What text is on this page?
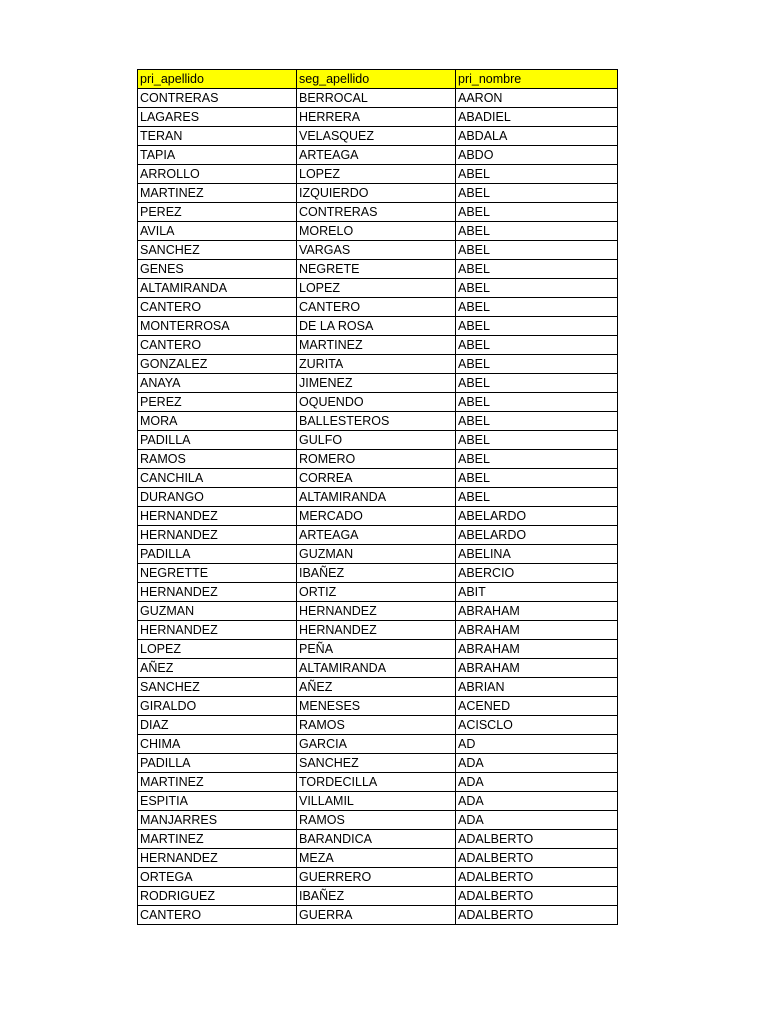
pri_apellido	seg_apellido	pri_nombre
CONTRERAS	BERROCAL	AARON
LAGARES	HERRERA	ABADIEL
TERAN	VELASQUEZ	ABDALA
TAPIA	ARTEAGA	ABDO
ARROLLO	LOPEZ	ABEL
MARTINEZ	IZQUIERDO	ABEL
PEREZ	CONTRERAS	ABEL
AVILA	MORELO	ABEL
SANCHEZ	VARGAS	ABEL
GENES	NEGRETE	ABEL
ALTAMIRANDA	LOPEZ	ABEL
CANTERO	CANTERO	ABEL
MONTERROSA	DE LA ROSA	ABEL
CANTERO	MARTINEZ	ABEL
GONZALEZ	ZURITA	ABEL
ANAYA	JIMENEZ	ABEL
PEREZ	OQUENDO	ABEL
MORA	BALLESTEROS	ABEL
PADILLA	GULFO	ABEL
RAMOS	ROMERO	ABEL
CANCHILA	CORREA	ABEL
DURANGO	ALTAMIRANDA	ABEL
HERNANDEZ	MERCADO	ABELARDO
HERNANDEZ	ARTEAGA	ABELARDO
PADILLA	GUZMAN	ABELINA
NEGRETTE	IBAÑEZ	ABERCIO
HERNANDEZ	ORTIZ	ABIT
GUZMAN	HERNANDEZ	ABRAHAM
HERNANDEZ	HERNANDEZ	ABRAHAM
LOPEZ	PEÑA	ABRAHAM
AÑEZ	ALTAMIRANDA	ABRAHAM
SANCHEZ	AÑEZ	ABRIAN
GIRALDO	MENESES	ACENED
DIAZ	RAMOS	ACISCLO
CHIMA	GARCIA	AD
PADILLA	SANCHEZ	ADA
MARTINEZ	TORDECILLA	ADA
ESPITIA	VILLAMIL	ADA
MANJARRES	RAMOS	ADA
MARTINEZ	BARANDICA	ADALBERTO
HERNANDEZ	MEZA	ADALBERTO
ORTEGA	GUERRERO	ADALBERTO
RODRIGUEZ	IBAÑEZ	ADALBERTO
CANTERO	GUERRA	ADALBERTO
